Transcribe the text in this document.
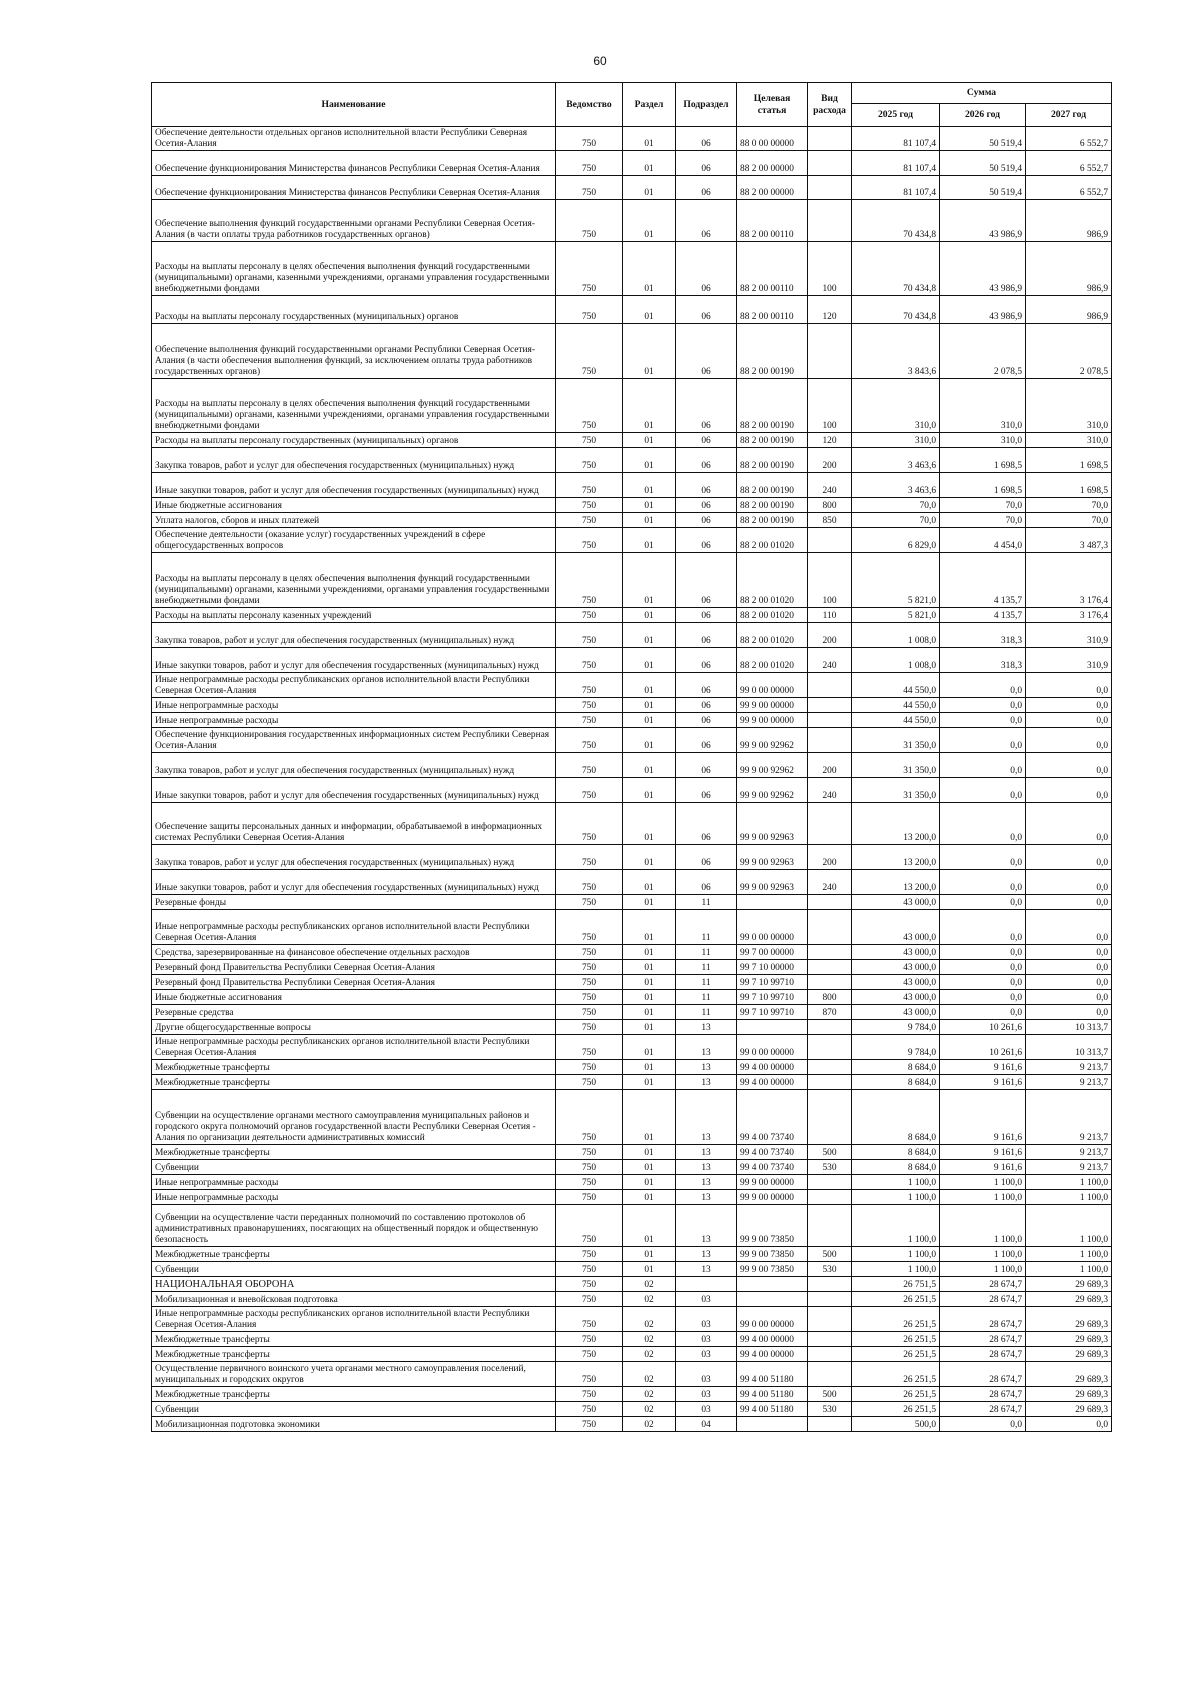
60
Наименование	Ведомство	Раздел	Подраздел	Целевая статья	Вид расхода	Сумма		
						2025 год	2026 год	2027 год
Обеспечение деятельности отдельных органов исполнительной власти Республики Северная Осетия-Алания	750	01	06	88 0 00 00000		81 107,4	50 519,4	6 552,7
Обеспечение функционирования Министерства финансов Республики Северная Осетия-Алания	750	01	06	88 2 00 00000		81 107,4	50 519,4	6 552,7
Обеспечение функционирования Министерства финансов Республики Северная Осетия-Алания	750	01	06	88 2 00 00000		81 107,4	50 519,4	6 552,7
Обеспечение выполнения функций государственными органами Республики Северная Осетия-Алания (в части оплаты труда работников государственных органов)	750	01	06	88 2 00 00110		70 434,8	43 986,9	986,9
Расходы на выплаты персоналу в целях обеспечения выполнения функций государственными (муниципальными) органами, казенными учреждениями, органами управления государственными внебюджетными фондами	750	01	06	88 2 00 00110	100	70 434,8	43 986,9	986,9
Расходы на выплаты персоналу государственных (муниципальных) органов	750	01	06	88 2 00 00110	120	70 434,8	43 986,9	986,9
Обеспечение выполнения функций государственными органами Республики Северная Осетия-Алания (в части обеспечения выполнения функций, за исключением оплаты труда работников государственных органов)	750	01	06	88 2 00 00190		3 843,6	2 078,5	2 078,5
Расходы на выплаты персоналу в целях обеспечения выполнения функций государственными (муниципальными) органами, казенными учреждениями, органами управления государственными внебюджетными фондами	750	01	06	88 2 00 00190	100	310,0	310,0	310,0
Расходы на выплаты персоналу государственных (муниципальных) органов	750	01	06	88 2 00 00190	120	310,0	310,0	310,0
Закупка товаров, работ и услуг для обеспечения государственных (муниципальных) нужд	750	01	06	88 2 00 00190	200	3 463,6	1 698,5	1 698,5
Иные закупки товаров, работ и услуг для обеспечения государственных (муниципальных) нужд	750	01	06	88 2 00 00190	240	3 463,6	1 698,5	1 698,5
Иные бюджетные ассигнования	750	01	06	88 2 00 00190	800	70,0	70,0	70,0
Уплата налогов, сборов и иных платежей	750	01	06	88 2 00 00190	850	70,0	70,0	70,0
Обеспечение деятельности (оказание услуг) государственных учреждений в сфере общегосударственных вопросов	750	01	06	88 2 00 01020		6 829,0	4 454,0	3 487,3
Расходы на выплаты персоналу в целях обеспечения выполнения функций государственными (муниципальными) органами, казенными учреждениями, органами управления государственными внебюджетными фондами	750	01	06	88 2 00 01020	100	5 821,0	4 135,7	3 176,4
Расходы на выплаты персоналу казенных учреждений	750	01	06	88 2 00 01020	110	5 821,0	4 135,7	3 176,4
Закупка товаров, работ и услуг для обеспечения государственных (муниципальных) нужд	750	01	06	88 2 00 01020	200	1 008,0	318,3	310,9
Иные закупки товаров, работ и услуг для обеспечения государственных (муниципальных) нужд	750	01	06	88 2 00 01020	240	1 008,0	318,3	310,9
Иные непрограммные расходы республиканских органов исполнительной власти Республики Северная Осетия-Алания	750	01	06	99 0 00 00000		44 550,0	0,0	0,0
Иные непрограммные расходы	750	01	06	99 9 00 00000		44 550,0	0,0	0,0
Иные непрограммные расходы	750	01	06	99 9 00 00000		44 550,0	0,0	0,0
Обеспечение функционирования государственных информационных систем Республики Северная Осетия-Алания	750	01	06	99 9 00 92962		31 350,0	0,0	0,0
Закупка товаров, работ и услуг для обеспечения государственных (муниципальных) нужд	750	01	06	99 9 00 92962	200	31 350,0	0,0	0,0
Иные закупки товаров, работ и услуг для обеспечения государственных (муниципальных) нужд	750	01	06	99 9 00 92962	240	31 350,0	0,0	0,0
Обеспечение защиты персональных данных и информации, обрабатываемой в информационных системах Республики Северная Осетия-Алания	750	01	06	99 9 00 92963		13 200,0	0,0	0,0
Закупка товаров, работ и услуг для обеспечения государственных (муниципальных) нужд	750	01	06	99 9 00 92963	200	13 200,0	0,0	0,0
Иные закупки товаров, работ и услуг для обеспечения государственных (муниципальных) нужд	750	01	06	99 9 00 92963	240	13 200,0	0,0	0,0
Резервные фонды	750	01	11			43 000,0	0,0	0,0
Иные непрограммные расходы республиканских органов исполнительной власти Республики Северная Осетия-Алания	750	01	11	99 0 00 00000		43 000,0	0,0	0,0
Средства, зарезервированные на финансовое обеспечение отдельных расходов	750	01	11	99 7 00 00000		43 000,0	0,0	0,0
Резервный фонд Правительства Республики Северная Осетия-Алания	750	01	11	99 7 10 00000		43 000,0	0,0	0,0
Резервный фонд Правительства Республики Северная Осетия-Алания	750	01	11	99 7 10 99710		43 000,0	0,0	0,0
Иные бюджетные ассигнования	750	01	11	99 7 10 99710	800	43 000,0	0,0	0,0
Резервные средства	750	01	11	99 7 10 99710	870	43 000,0	0,0	0,0
Другие общегосударственные вопросы	750	01	13			9 784,0	10 261,6	10 313,7
Иные непрограммные расходы республиканских органов исполнительной власти Республики Северная Осетия-Алания	750	01	13	99 0 00 00000		9 784,0	10 261,6	10 313,7
Межбюджетные трансферты	750	01	13	99 4 00 00000		8 684,0	9 161,6	9 213,7
Межбюджетные трансферты	750	01	13	99 4 00 00000		8 684,0	9 161,6	9 213,7
Субвенции на осуществление органами местного самоуправления муниципальных районов и городского округа полномочий органов государственной власти Республики Северная Осетия - Алания по организации деятельности административных комиссий	750	01	13	99 4 00 73740		8 684,0	9 161,6	9 213,7
Межбюджетные трансферты	750	01	13	99 4 00 73740	500	8 684,0	9 161,6	9 213,7
Субвенции	750	01	13	99 4 00 73740	530	8 684,0	9 161,6	9 213,7
Иные непрограммные расходы	750	01	13	99 9 00 00000		1 100,0	1 100,0	1 100,0
Иные непрограммные расходы	750	01	13	99 9 00 00000		1 100,0	1 100,0	1 100,0
Субвенции на осуществление части переданных полномочий по составлению протоколов об административных правонарушениях, посягающих на общественный порядок и общественную безопасность	750	01	13	99 9 00 73850		1 100,0	1 100,0	1 100,0
Межбюджетные трансферты	750	01	13	99 9 00 73850	500	1 100,0	1 100,0	1 100,0
Субвенции	750	01	13	99 9 00 73850	530	1 100,0	1 100,0	1 100,0
НАЦИОНАЛЬНАЯ ОБОРОНА	750	02				26 751,5	28 674,7	29 689,3
Мобилизационная и вневойсковая подготовка	750	02	03			26 251,5	28 674,7	29 689,3
Иные непрограммные расходы республиканских органов исполнительной власти Республики Северная Осетия-Алания	750	02	03	99 0 00 00000		26 251,5	28 674,7	29 689,3
Межбюджетные трансферты	750	02	03	99 4 00 00000		26 251,5	28 674,7	29 689,3
Межбюджетные трансферты	750	02	03	99 4 00 00000		26 251,5	28 674,7	29 689,3
Осуществление первичного воинского учета органами местного самоуправления поселений, муниципальных и городских округов	750	02	03	99 4 00 51180		26 251,5	28 674,7	29 689,3
Межбюджетные трансферты	750	02	03	99 4 00 51180	500	26 251,5	28 674,7	29 689,3
Субвенции	750	02	03	99 4 00 51180	530	26 251,5	28 674,7	29 689,3
Мобилизационная подготовка экономики	750	02	04			500,0	0,0	0,0
